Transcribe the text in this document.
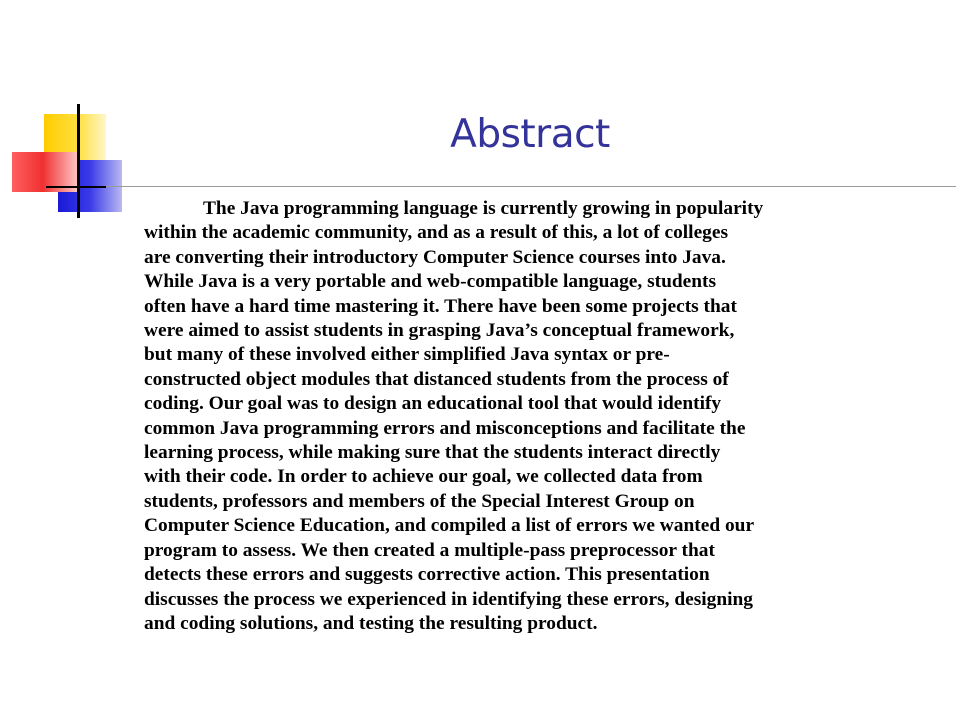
Abstract
The Java programming language is currently growing in popularity
within the academic community, and as a result of this, a lot of colleges
are converting their introductory Computer Science courses into Java.
While Java is a very portable and web-compatible language, students
often have a hard time mastering it. There have been some projects that
were aimed to assist students in grasping Java’s conceptual framework,
but many of these involved either simplified Java syntax or pre-
constructed object modules that distanced students from the process of
coding. Our goal was to design an educational tool that would identify
common Java programming errors and misconceptions and facilitate the
learning process, while making sure that the students interact directly
with their code. In order to achieve our goal, we collected data from
students, professors and members of the Special Interest Group on
Computer Science Education, and compiled a list of errors we wanted our
program to assess. We then created a multiple-pass preprocessor that
detects these errors and suggests corrective action. This presentation
discusses the process we experienced in identifying these errors, designing
and coding solutions, and testing the resulting product.
